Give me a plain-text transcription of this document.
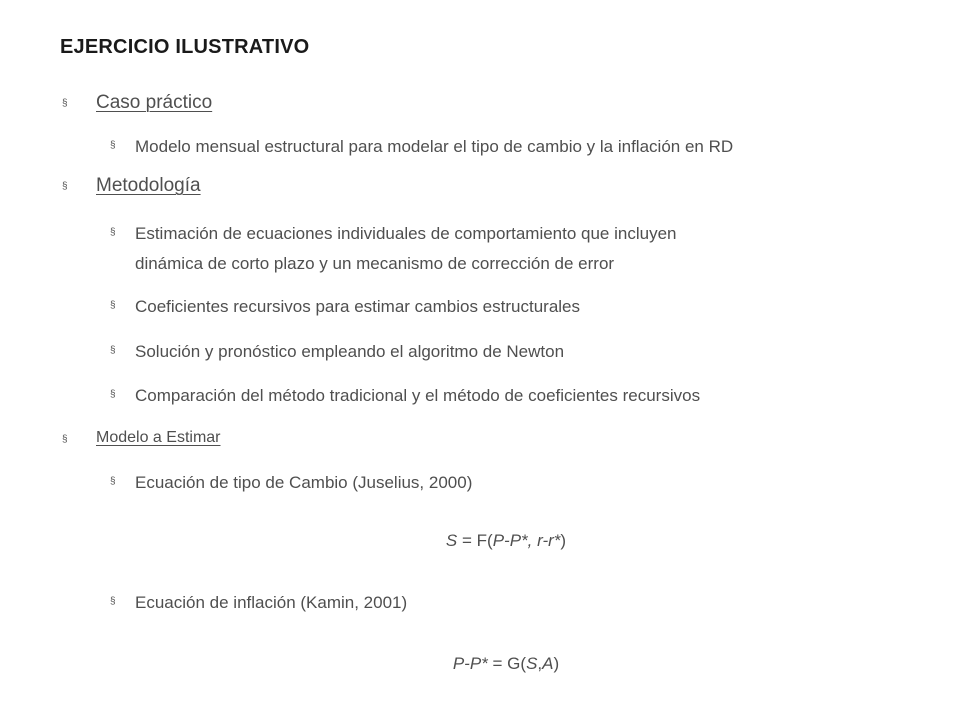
EJERCICIO ILUSTRATIVO
§ Caso práctico
§ Modelo mensual estructural para modelar el tipo de cambio y la inflación en RD
§ Metodología
§ Estimación de ecuaciones individuales de comportamiento que incluyen
dinámica de corto plazo y un mecanismo de corrección de error
§ Coeficientes recursivos para estimar cambios estructurales
§ Solución y pronóstico empleando el algoritmo de Newton
§ Comparación del método tradicional y el método de coeficientes recursivos
§ Modelo a Estimar
§ Ecuación de tipo de Cambio (Juselius, 2000)
S = F(P-P*, r-r*)
§ Ecuación de inflación (Kamin, 2001)
P-P* = G(S,A)
